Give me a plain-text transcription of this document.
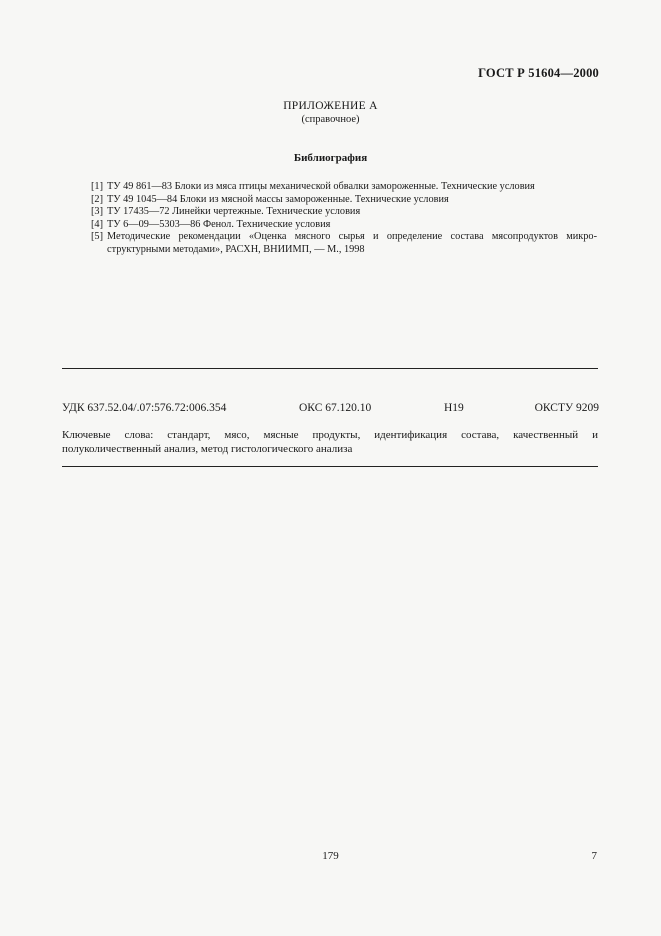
ГОСТ Р 51604—2000
ПРИЛОЖЕНИЕ А
(справочное)
Библиография
[1] ТУ 49 861—83 Блоки из мяса птицы механической обвалки замороженные. Технические условия
[2] ТУ 49 1045—84 Блоки из мясной массы замороженные. Технические условия
[3] ТУ 17435—72 Линейки чертежные. Технические условия
[4] ТУ 6—09—5303—86 Фенол. Технические условия
[5] Методические рекомендации «Оценка мясного сырья и определение состава мясопродуктов микро-структурными методами», РАСХН, ВНИИМП, — М., 1998
УДК 637.52.04/.07:576.72:006.354	ОКС 67.120.10	Н19	ОКСТУ 9209
Ключевые слова: стандарт, мясо, мясные продукты, идентификация состава, качественный и полуколичественный анализ, метод гистологического анализа
179	7
